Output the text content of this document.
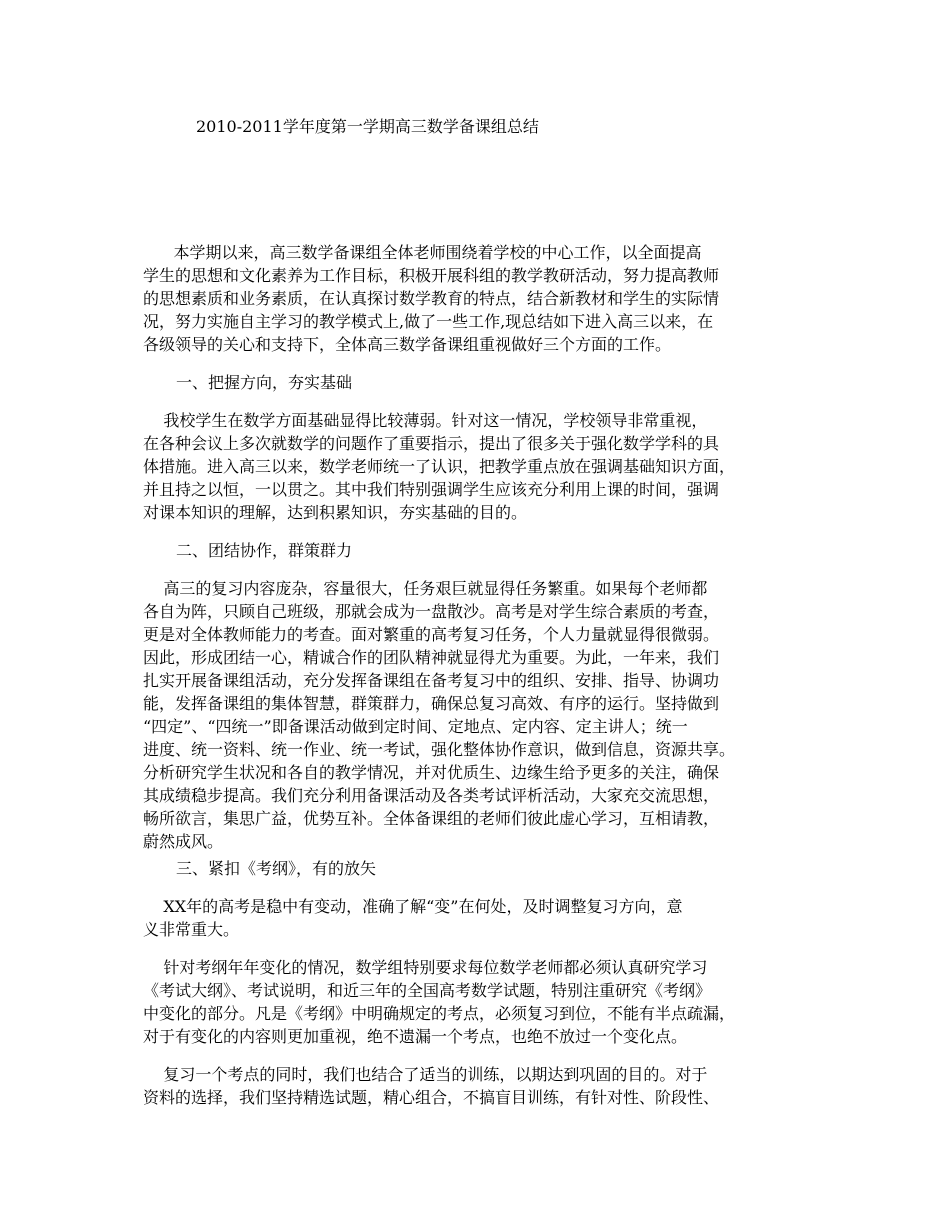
2010-2011学年度第一学期高三数学备课组总结
本学期以来，高三数学备课组全体老师围绕着学校的中心工作，以全面提高
学生的思想和文化素养为工作目标，积极开展科组的教学教研活动，努力提高教师
的思想素质和业务素质，在认真探讨数学教育的特点，结合新教材和学生的实际情
况，努力实施自主学习的教学模式上,做了一些工作,现总结如下进入高三以来，在
各级领导的关心和支持下，全体高三数学备课组重视做好三个方面的工作。
一、把握方向，夯实基础
我校学生在数学方面基础显得比较薄弱。针对这一情况，学校领导非常重视，
在各种会议上多次就数学的问题作了重要指示，提出了很多关于强化数学学科的具
体措施。进入高三以来，数学老师统一了认识，把教学重点放在强调基础知识方面，
并且持之以恒，一以贯之。其中我们特别强调学生应该充分利用上课的时间，强调
对课本知识的理解，达到积累知识，夯实基础的目的。
二、团结协作，群策群力
高三的复习内容庞杂，容量很大，任务艰巨就显得任务繁重。如果每个老师都
各自为阵，只顾自己班级，那就会成为一盘散沙。高考是对学生综合素质的考查，
更是对全体教师能力的考查。面对繁重的高考复习任务，个人力量就显得很微弱。
因此，形成团结一心，精诚合作的团队精神就显得尤为重要。为此，一年来，我们
扎实开展备课组活动，充分发挥备课组在备考复习中的组织、安排、指导、协调功
能，发挥备课组的集体智慧，群策群力，确保总复习高效、有序的运行。坚持做到
“四定”、“四统一”即备课活动做到定时间、定地点、定内容、定主讲人；统一
进度、统一资料、统一作业、统一考试，强化整体协作意识，做到信息，资源共享。
分析研究学生状况和各自的教学情况，并对优质生、边缘生给予更多的关注，确保
其成绩稳步提高。我们充分利用备课活动及各类考试评析活动，大家充交流思想，
畅所欲言，集思广益，优势互补。全体备课组的老师们彼此虚心学习，互相请教，
蔚然成风。
三、紧扣《考纲》，有的放矢
XX年的高考是稳中有变动，准确了解“变”在何处，及时调整复习方向，意
义非常重大。
针对考纲年年变化的情况，数学组特别要求每位数学老师都必须认真研究学习
《考试大纲》、考试说明，和近三年的全国高考数学试题，特别注重研究《考纲》
中变化的部分。凡是《考纲》中明确规定的考点，必须复习到位，不能有半点疏漏，
对于有变化的内容则更加重视，绝不遗漏一个考点，也绝不放过一个变化点。
复习一个考点的同时，我们也结合了适当的训练，以期达到巩固的目的。对于
资料的选择，我们坚持精选试题，精心组合，不搞盲目训练，有针对性、阶段性、
